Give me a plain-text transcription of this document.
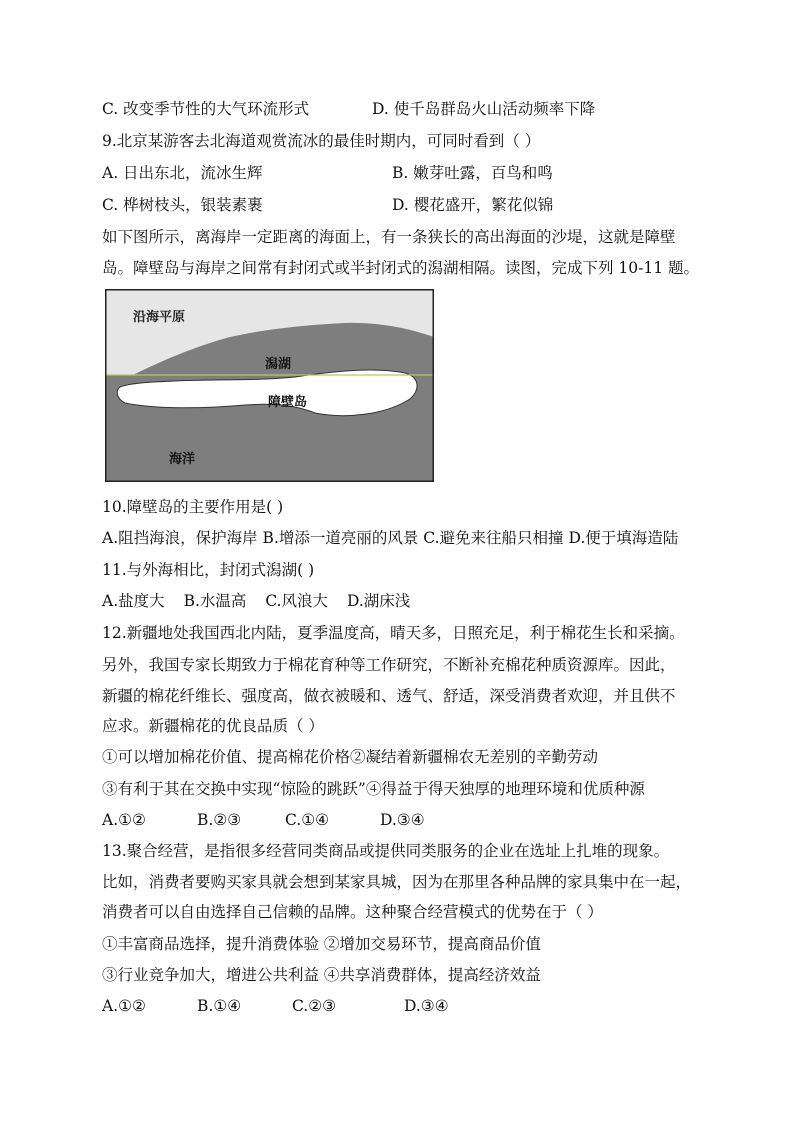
C. 改变季节性的大气环流形式	D. 使千岛群岛火山活动频率下降
9.北京某游客去北海道观赏流冰的最佳时期内，可同时看到（ ）
A. 日出东北，流冰生辉	B. 嫩芽吐露，百鸟和鸣
C. 桦树枝头，银装素裹	D. 樱花盛开，繁花似锦
如下图所示，离海岸一定距离的海面上，有一条狭长的高出海面的沙堤，这就是障壁
岛。障壁岛与海岸之间常有封闭式或半封闭式的潟湖相隔。读图，完成下列 10-11 题。
沿海平原
潟湖
障壁岛
海洋
10.障壁岛的主要作用是( )
A.阻挡海浪，保护海岸 B.增添一道亮丽的风景 C.避免来往船只相撞 D.便于填海造陆
11.与外海相比，封闭式潟湖( )
A.盐度大 B.水温高 C.风浪大 D.湖床浅
12.新疆地处我国西北内陆，夏季温度高，晴天多，日照充足，利于棉花生长和采摘。
另外，我国专家长期致力于棉花育种等工作研究，不断补充棉花种质资源库。因此，
新疆的棉花纤维长、强度高，做衣被暖和、透气、舒适，深受消费者欢迎，并且供不
应求。新疆棉花的优良品质（ ）
①可以增加棉花价值、提高棉花价格②凝结着新疆棉农无差别的辛勤劳动
③有利于其在交换中实现“惊险的跳跃”④得益于得天独厚的地理环境和优质种源
A.①②	B.②③	C.①④	D.③④
13.聚合经营，是指很多经营同类商品或提供同类服务的企业在选址上扎堆的现象。
比如，消费者要购买家具就会想到某家具城，因为在那里各种品牌的家具集中在一起，
消费者可以自由选择自己信赖的品牌。这种聚合经营模式的优势在于（ ）
①丰富商品选择，提升消费体验 ②增加交易环节，提高商品价值
③行业竞争加大，增进公共利益 ④共享消费群体，提高经济效益
A.①②	B.①④	C.②③	D.③④
